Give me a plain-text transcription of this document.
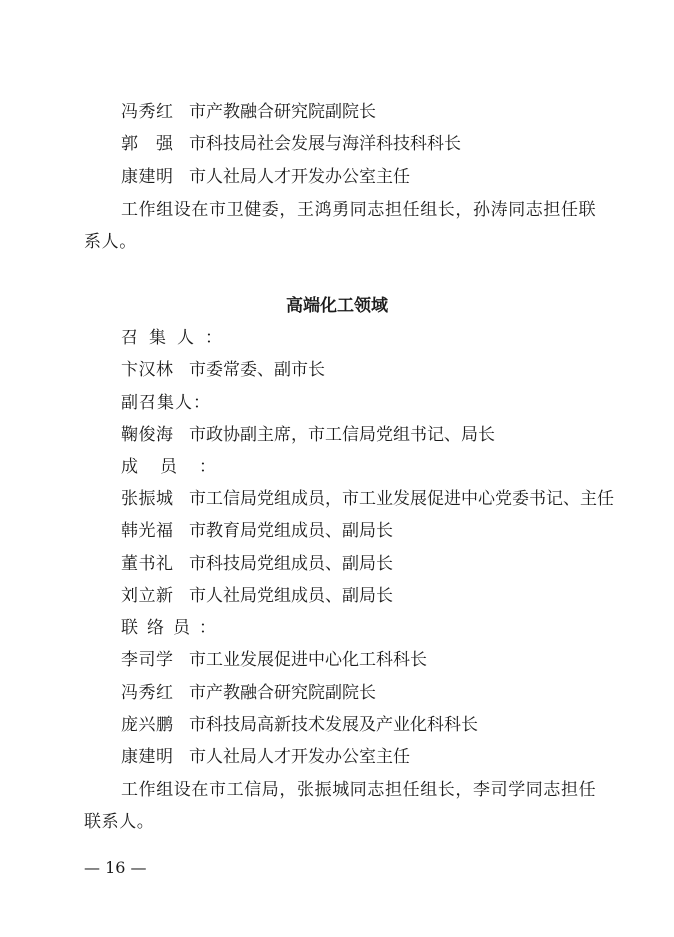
冯秀红 市产教融合研究院副院长
郭　强 市科技局社会发展与海洋科技科科长
康建明 市人社局人才开发办公室主任
工作组设在市卫健委，王鸿勇同志担任组长，孙涛同志担任联
系人。
高端化工领域
召集人：
卞汉林 市委常委、副市长
副召集人：
鞠俊海 市政协副主席，市工信局党组书记、局长
成员：
张振城 市工信局党组成员，市工业发展促进中心党委书记、主任
韩光福 市教育局党组成员、副局长
董书礼 市科技局党组成员、副局长
刘立新 市人社局党组成员、副局长
联络员：
李司学 市工业发展促进中心化工科科长
冯秀红 市产教融合研究院副院长
庞兴鹏 市科技局高新技术发展及产业化科科长
康建明 市人社局人才开发办公室主任
工作组设在市工信局，张振城同志担任组长，李司学同志担任
联系人。
— 16 —
